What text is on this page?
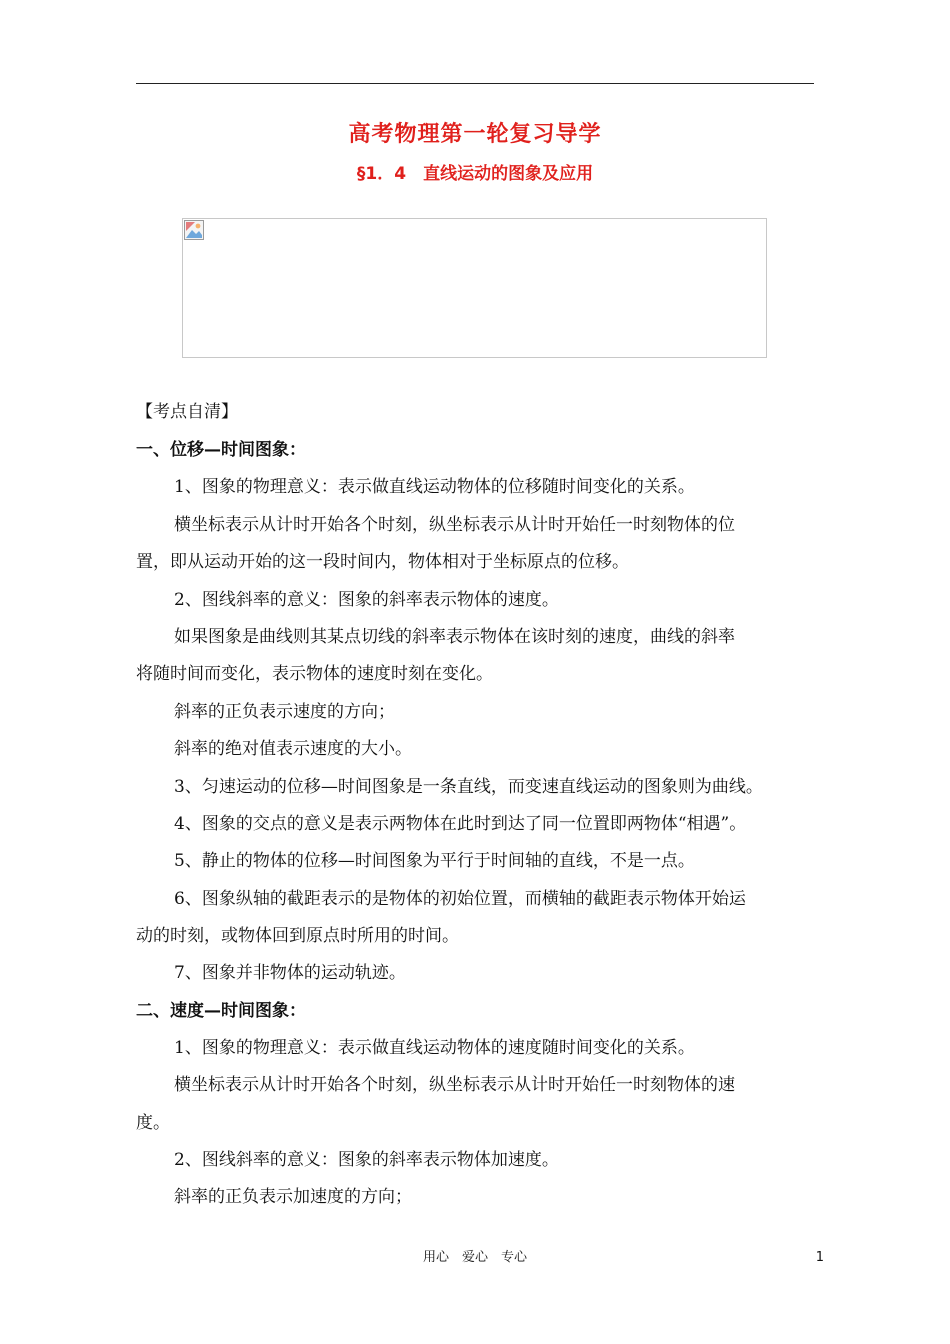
高考物理第一轮复习导学
§1．4　直线运动的图象及应用
【考点自清】
一、位移—时间图象：
1、图象的物理意义：表示做直线运动物体的位移随时间变化的关系。
横坐标表示从计时开始各个时刻，纵坐标表示从计时开始任一时刻物体的位
置，即从运动开始的这一段时间内，物体相对于坐标原点的位移。
2、图线斜率的意义：图象的斜率表示物体的速度。
如果图象是曲线则其某点切线的斜率表示物体在该时刻的速度，曲线的斜率
将随时间而变化，表示物体的速度时刻在变化。
斜率的正负表示速度的方向；
斜率的绝对值表示速度的大小。
3、匀速运动的位移—时间图象是一条直线，而变速直线运动的图象则为曲线。
4、图象的交点的意义是表示两物体在此时到达了同一位置即两物体“相遇”。
5、静止的物体的位移—时间图象为平行于时间轴的直线，不是一点。
6、图象纵轴的截距表示的是物体的初始位置，而横轴的截距表示物体开始运
动的时刻，或物体回到原点时所用的时间。
7、图象并非物体的运动轨迹。
二、速度—时间图象：
1、图象的物理意义：表示做直线运动物体的速度随时间变化的关系。
横坐标表示从计时开始各个时刻，纵坐标表示从计时开始任一时刻物体的速
度。
2、图线斜率的意义：图象的斜率表示物体加速度。
斜率的正负表示加速度的方向；
用心　爱心　专心	1
